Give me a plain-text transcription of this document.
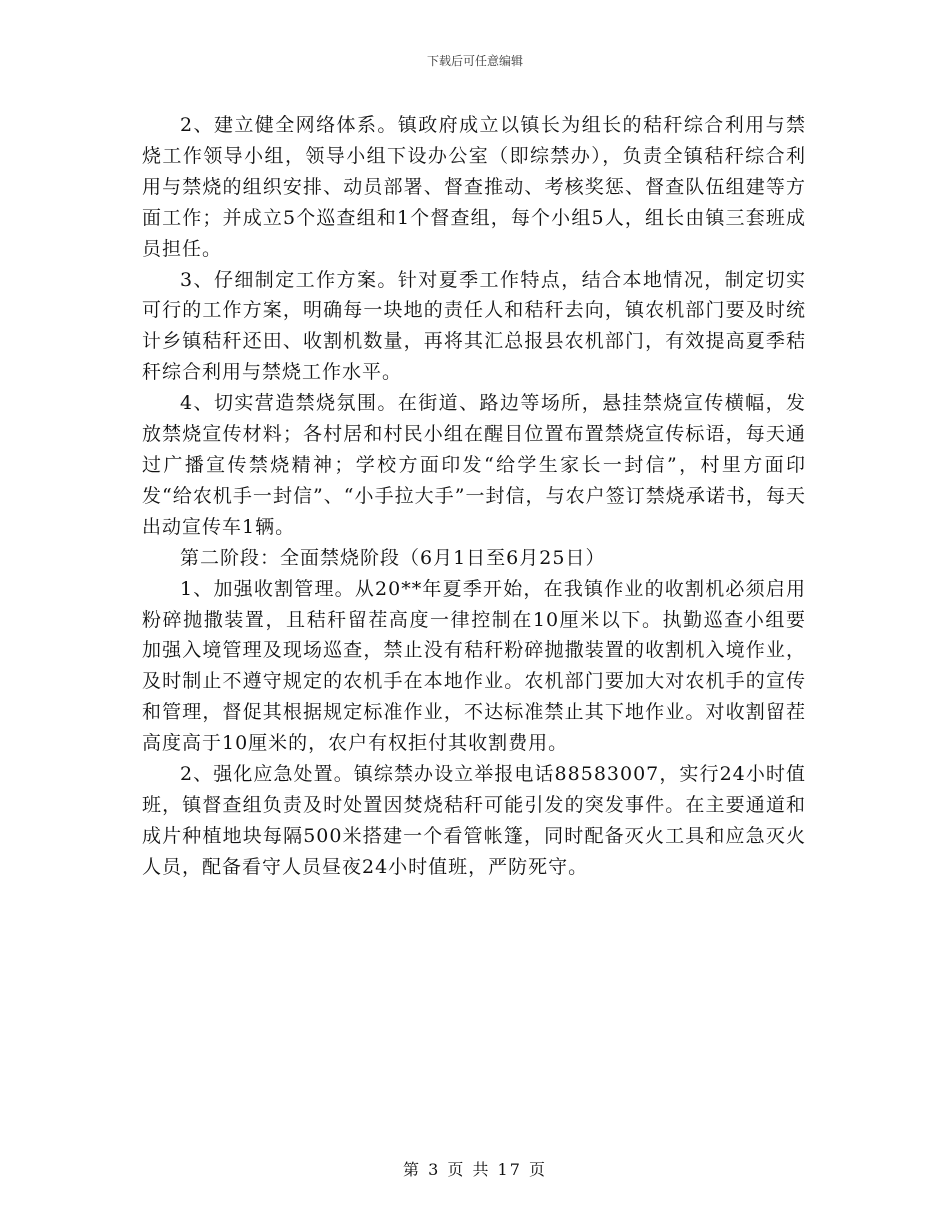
下载后可任意编辑

2、建立健全网络体系。镇政府成立以镇长为组长的秸秆综合利用与禁烧工作领导小组，领导小组下设办公室（即综禁办），负责全镇秸秆综合利用与禁烧的组织安排、动员部署、督查推动、考核奖惩、督查队伍组建等方面工作；并成立5个巡查组和1个督查组，每个小组5人，组长由镇三套班成员担任。

3、仔细制定工作方案。针对夏季工作特点，结合本地情况，制定切实可行的工作方案，明确每一块地的责任人和秸秆去向，镇农机部门要及时统计乡镇秸秆还田、收割机数量，再将其汇总报县农机部门，有效提高夏季秸秆综合利用与禁烧工作水平。

4、切实营造禁烧氛围。在街道、路边等场所，悬挂禁烧宣传横幅，发放禁烧宣传材料；各村居和村民小组在醒目位置布置禁烧宣传标语，每天通过广播宣传禁烧精神；学校方面印发“给学生家长一封信”，村里方面印发“给农机手一封信”、“小手拉大手”一封信，与农户签订禁烧承诺书，每天出动宣传车1辆。

第二阶段：全面禁烧阶段（6月1日至6月25日）

1、加强收割管理。从20**年夏季开始，在我镇作业的收割机必须启用粉碎抛撒装置，且秸秆留茬高度一律控制在10厘米以下。执勤巡查小组要加强入境管理及现场巡查，禁止没有秸秆粉碎抛撒装置的收割机入境作业，及时制止不遵守规定的农机手在本地作业。农机部门要加大对农机手的宣传和管理，督促其根据规定标准作业，不达标准禁止其下地作业。对收割留茬高度高于10厘米的，农户有权拒付其收割费用。

2、强化应急处置。镇综禁办设立举报电话88583007，实行24小时值班，镇督查组负责及时处置因焚烧秸秆可能引发的突发事件。在主要通道和成片种植地块每隔500米搭建一个看管帐篷，同时配备灭火工具和应急灭火人员，配备看守人员昼夜24小时值班，严防死守。

第 3 页 共 17 页
